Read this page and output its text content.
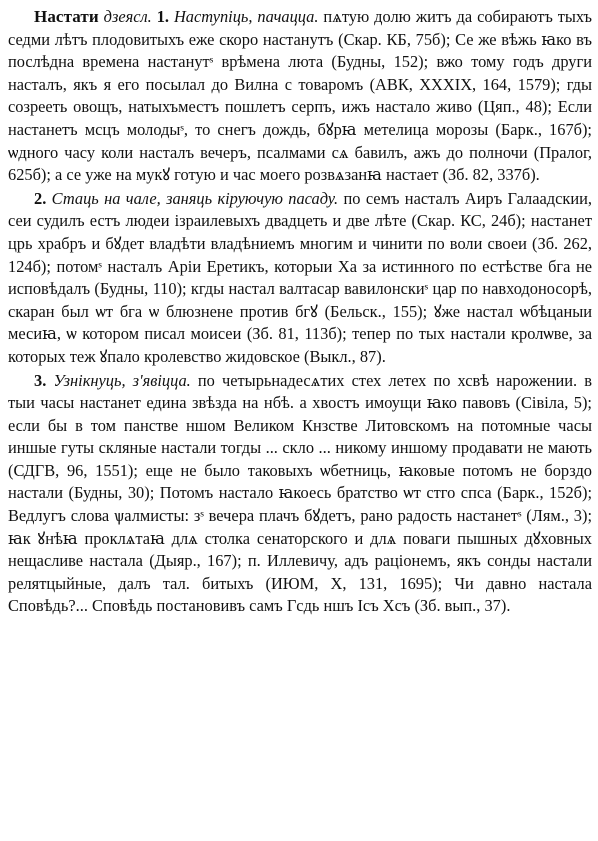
Настати дзеясл. 1. Наступіць, пачацца. пѧтую долю житъ да собираютъ тыхъ седми лѣтъ плодовитыхъ еже скоро настанутъ (Скар. КБ, 75б); Се же вѣжь ꙗко въ послѣдна времена настанутˢ врѣмена люта (Будны, 152); вжо тому годъ други насталъ, якъ я его посылал до Вилна с товаромъ (АВК, XXXIX, 164, 1579); гды созрееть овощъ, натыхъместъ пошлетъ серпъ, ижъ настало живо (Цяп., 48); Если настанетъ мсцъ молодыˢ, то снегъ дождь, бꙋрꙗ метелица морозы (Барк., 167б); ѡдного часу коли насталъ вечеръ, псалмами сѧ бавилъ, ажъ до полночи (Пралог, 625б); а се уже на мукꙋ готую и час моего розвѧзанꙗ настает (Зб. 82, 337б).

2. Стаць на чале, заняць кіруючую пасаду. по семъ насталъ Аиръ Галаадскии, сеи судилъ естъ людеи ізраилевыхъ двадцеть и две лѣте (Скар. КС, 24б); настанет црь храбръ и бꙋдет владѣти владѣниемъ многим и чинити по воли своеи (Зб. 262, 124б); потомˢ насталъ Аріи Еретикъ, которыи Ха за истинного по естѣстве бга не исповѣдалъ (Будны, 110); кгды настал валтасар вавилонскиˢ цар по навходоносорѣ, скаран был ѡт бга ѡ блюзнене против бгꙋ (Бельск., 155); ꙋже настал ѡбѣцаныи месиꙗ, ѡ котором писал моисеи (Зб. 81, 113б); тепер по тых настали кролѡве, за которых теж ꙋпало кролевство жидовское (Выкл., 87).

3. Узнікнуць, з'явіцца. по четырьнадесѧтих стех летех по хсвѣ нарожении. в тыи часы настанет едина звѣзда на нбѣ. а хвостъ имоущи ꙗко павовъ (Сівіла, 5); если бы в том панстве ншом Великом Кнзстве Литовскомъ на потомные часы иншые гуты скляные настали тогды ... скло ... никому иншому продавати не мають (СДГВ, 96, 1551); еще не было таковыхъ ѡбетниць, ꙗковые потомъ не борздо настали (Будны, 30); Потомъ настало ꙗкоесь братство ѡт стго спса (Барк., 152б); Ведлугъ слова ѱалмисты: зˢ вечера плачъ бꙋдетъ, рано радость настанетˢ (Лям., 3); ꙗк ꙋнѣꙗ проклѧтаꙗ длѧ столка сенаторского и длѧ поваги пышных дꙋховных нещасливе настала (Дыяр., 167); п. Иллевичу, адъ раціонемъ, якъ сонды настали релятцыйные, далъ тал. битыхъ (ИЮМ, X, 131, 1695); Чи давно настала Сповѣдь?... Сповѣдь постановивъ самъ Гсдь ншъ Ісъ Хсъ (Зб. вып., 37).
